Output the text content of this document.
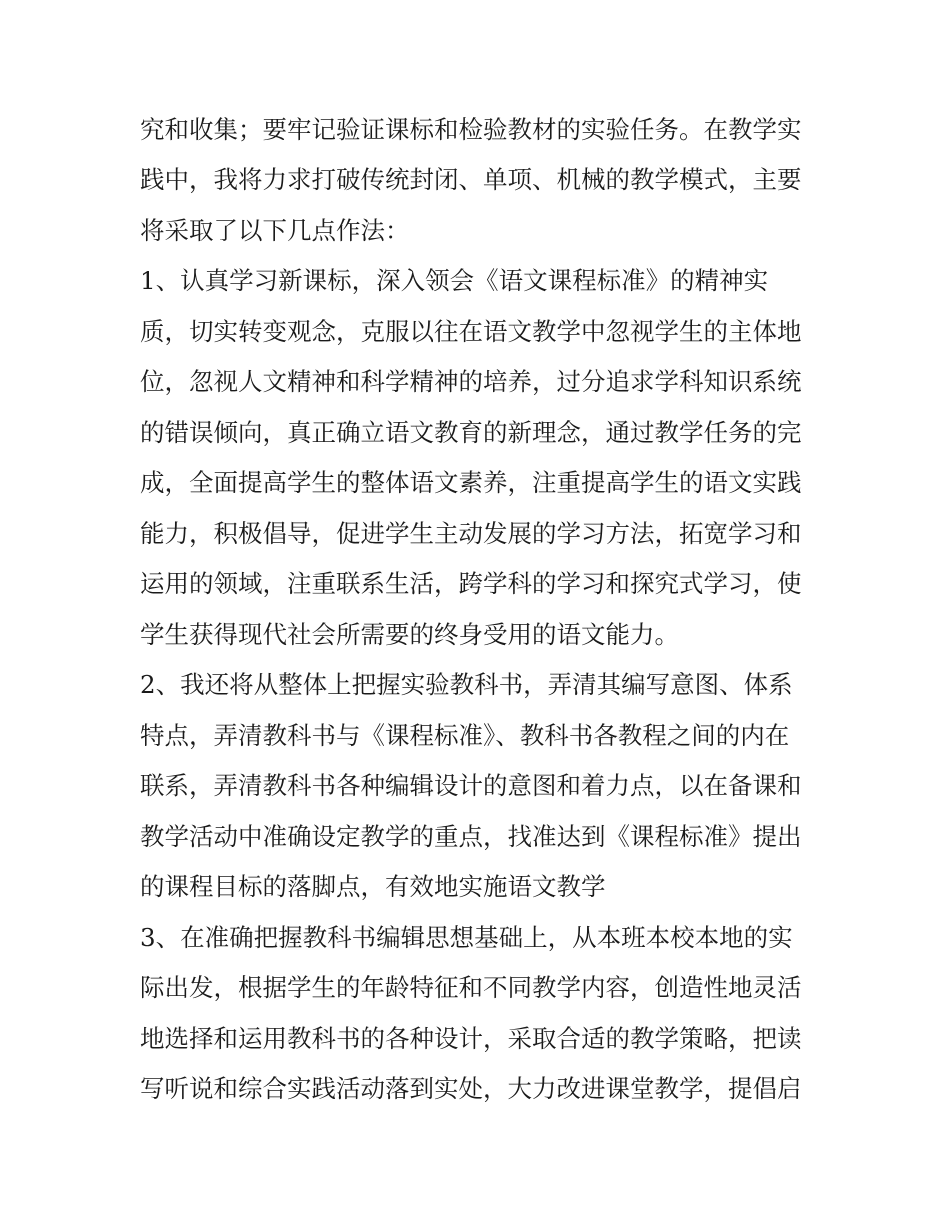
究和收集；要牢记验证课标和检验教材的实验任务。在教学实
践中，我将力求打破传统封闭、单项、机械的教学模式，主要
将采取了以下几点作法：
1、认真学习新课标，深入领会《语文课程标准》的精神实
质，切实转变观念，克服以往在语文教学中忽视学生的主体地
位，忽视人文精神和科学精神的培养，过分追求学科知识系统
的错误倾向，真正确立语文教育的新理念，通过教学任务的完
成，全面提高学生的整体语文素养，注重提高学生的语文实践
能力，积极倡导，促进学生主动发展的学习方法，拓宽学习和
运用的领域，注重联系生活，跨学科的学习和探究式学习，使
学生获得现代社会所需要的终身受用的语文能力。
2、我还将从整体上把握实验教科书，弄清其编写意图、体系
特点，弄清教科书与《课程标准》、教科书各教程之间的内在
联系，弄清教科书各种编辑设计的意图和着力点，以在备课和
教学活动中准确设定教学的重点，找准达到《课程标准》提出
的课程目标的落脚点，有效地实施语文教学
3、在准确把握教科书编辑思想基础上，从本班本校本地的实
际出发，根据学生的年龄特征和不同教学内容，创造性地灵活
地选择和运用教科书的各种设计，采取合适的教学策略，把读
写听说和综合实践活动落到实处，大力改进课堂教学，提倡启
